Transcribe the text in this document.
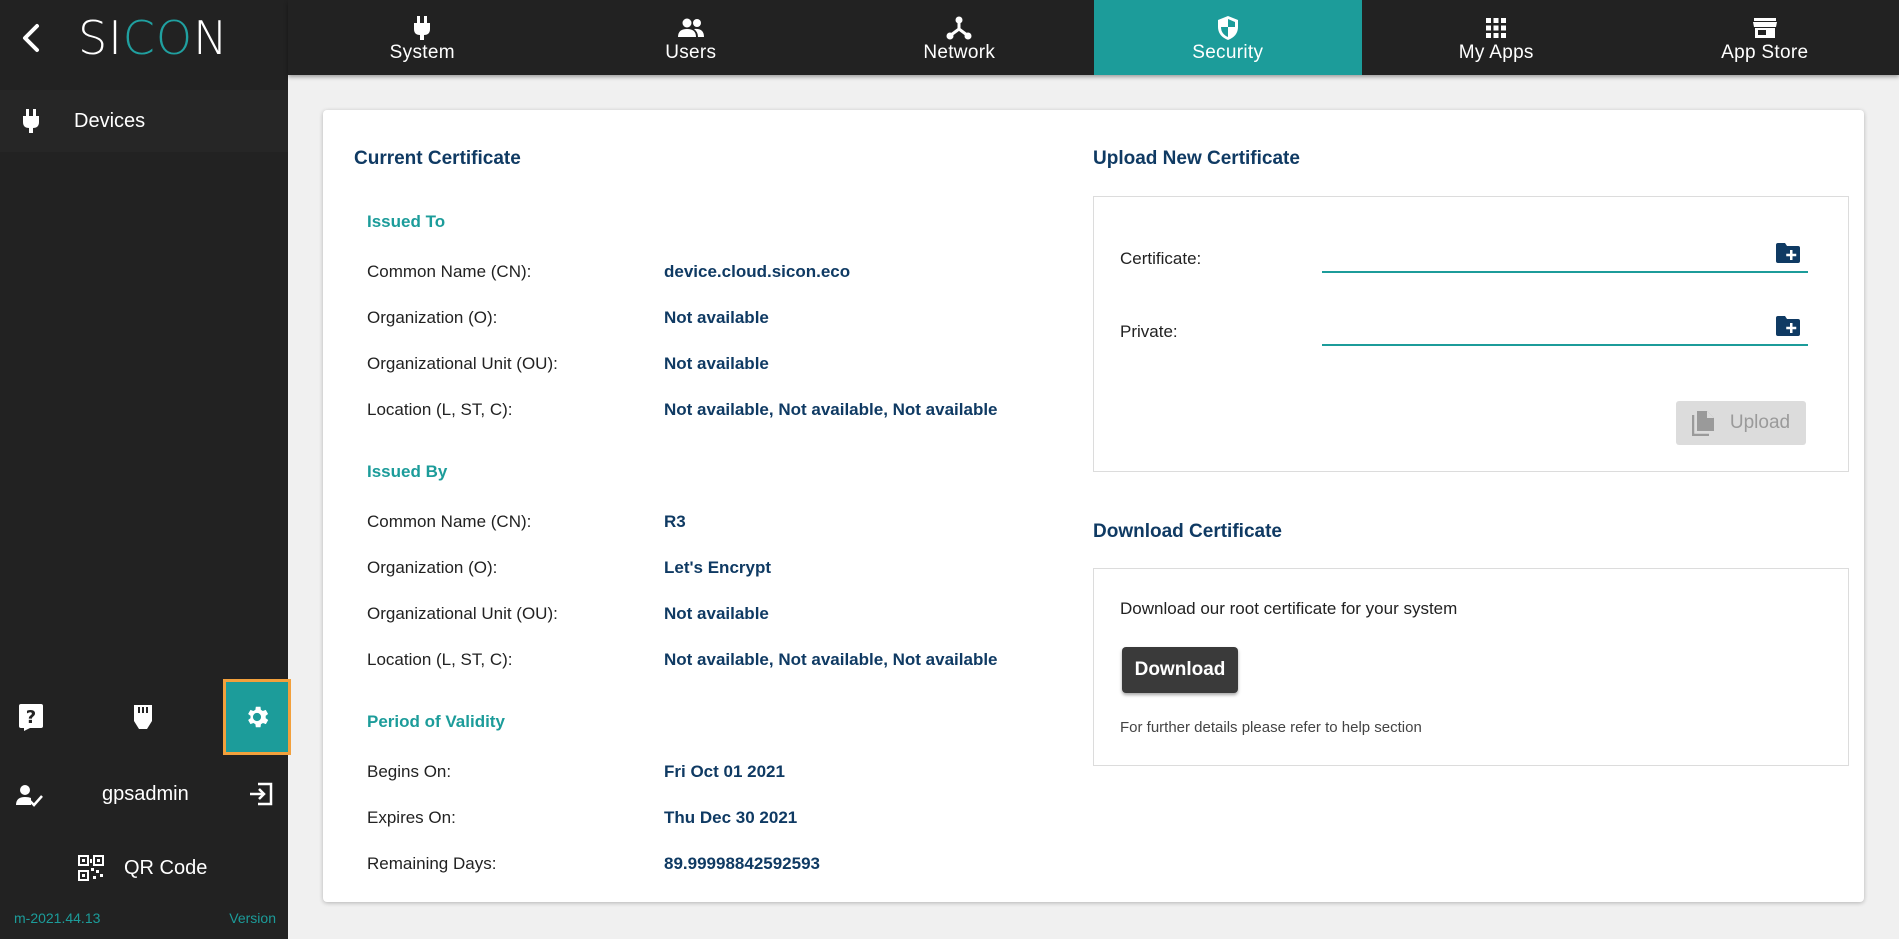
SICON
Devices
?
gpsadmin
QR Code
m-2021.44.13	Version
System	Users	Network	Security	My Apps	App Store
Current Certificate
Issued To
Common Name (CN):	device.cloud.sicon.eco
Organization (O):	Not available
Organizational Unit (OU):	Not available
Location (L, ST, C):	Not available, Not available, Not available
Issued By
Common Name (CN):	R3
Organization (O):	Let's Encrypt
Organizational Unit (OU):	Not available
Location (L, ST, C):	Not available, Not available, Not available
Period of Validity
Begins On:	Fri Oct 01 2021
Expires On:	Thu Dec 30 2021
Remaining Days:	89.99998842592593
Upload New Certificate
Certificate:
Private:
Upload
Download Certificate
Download our root certificate for your system
Download
For further details please refer to help section
